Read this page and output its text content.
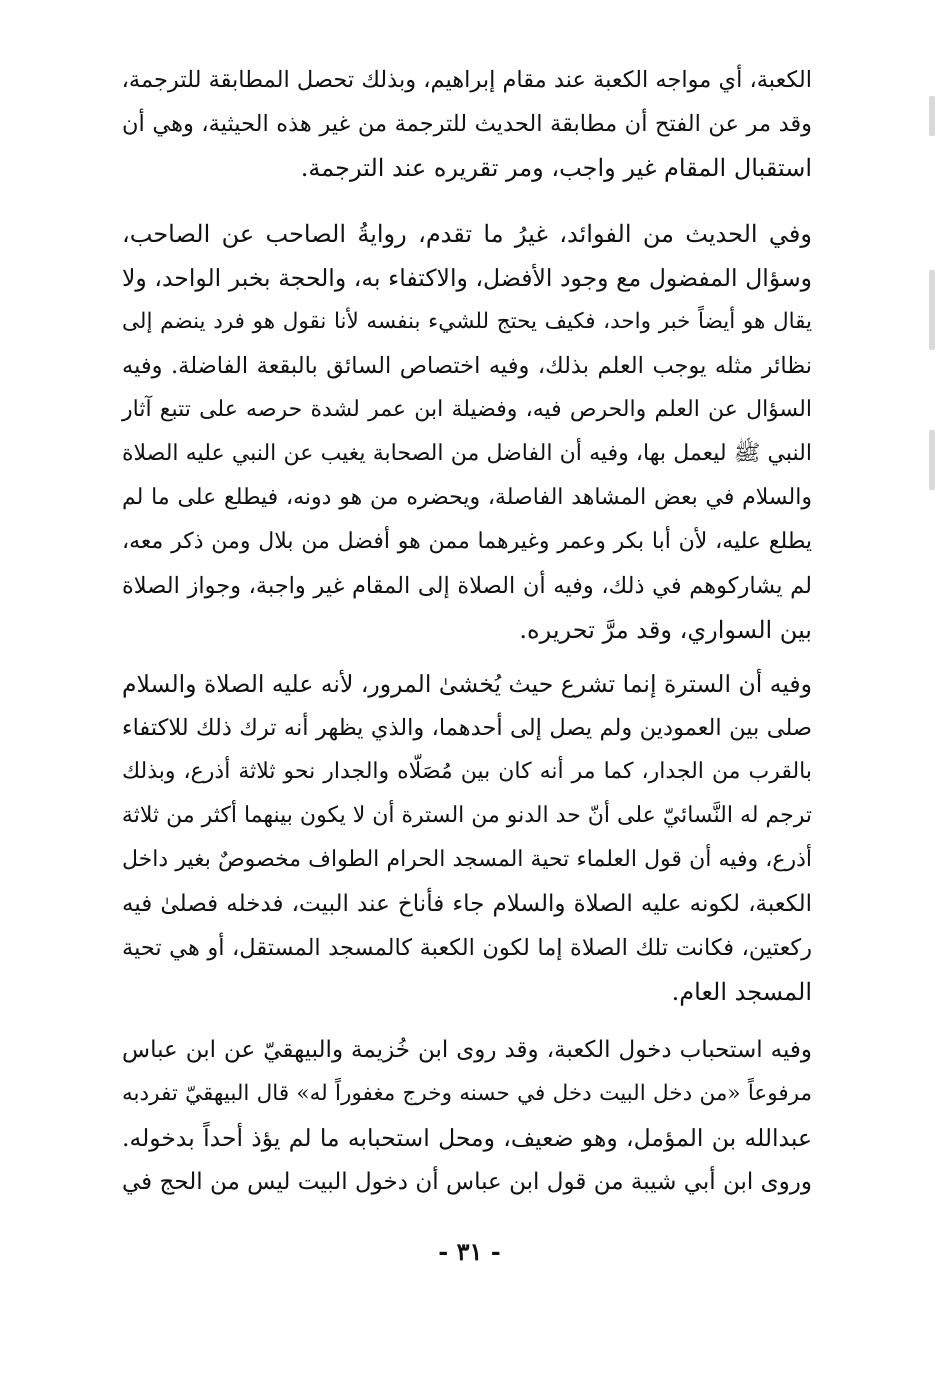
الكعبة، أي مواجه الكعبة عند مقام إبراهيم، وبذلك تحصل المطابقة للترجمة،
وقد مر عن الفتح أن مطابقة الحديث للترجمة من غير هذه الحيثية، وهي أن
استقبال المقام غير واجب، ومر تقريره عند الترجمة.
وفي الحديث من الفوائد، غيرُ ما تقدم، روايةُ الصاحب عن الصاحب،
وسؤال المفضول مع وجود الأفضل، والاكتفاء به، والحجة بخبر الواحد، ولا
يقال هو أيضاً خبر واحد، فكيف يحتج للشيء بنفسه لأنا نقول هو فرد ينضم إلى
نظائر مثله يوجب العلم بذلك، وفيه اختصاص السائق بالبقعة الفاضلة. وفيه
السؤال عن العلم والحرص فيه، وفضيلة ابن عمر لشدة حرصه على تتبع آثار
النبي ﷺ ليعمل بها، وفيه أن الفاضل من الصحابة يغيب عن النبي عليه الصلاة
والسلام في بعض المشاهد الفاصلة، ويحضره من هو دونه، فيطلع على ما لم
يطلع عليه، لأن أبا بكر وعمر وغيرهما ممن هو أفضل من بلال ومن ذكر معه،
لم يشاركوهم في ذلك، وفيه أن الصلاة إلى المقام غير واجبة، وجواز الصلاة
بين السواري، وقد مرَّ تحريره.
وفيه أن السترة إنما تشرع حيث يُخشىٰ المرور، لأنه عليه الصلاة والسلام
صلى بين العمودين ولم يصل إلى أحدهما، والذي يظهر أنه ترك ذلك للاكتفاء
بالقرب من الجدار، كما مر أنه كان بين مُصَلّاه والجدار نحو ثلاثة أذرع، وبذلك
ترجم له النَّسائيّ على أنّ حد الدنو من السترة أن لا يكون بينهما أكثر من ثلاثة
أذرع، وفيه أن قول العلماء تحية المسجد الحرام الطواف مخصوصٌ بغير داخل
الكعبة، لكونه عليه الصلاة والسلام جاء فأناخ عند البيت، فدخله فصلىٰ فيه
ركعتين، فكانت تلك الصلاة إما لكون الكعبة كالمسجد المستقل، أو هي تحية
المسجد العام.
وفيه استحباب دخول الكعبة، وقد روى ابن خُزيمة والبيهقيّ عن ابن عباس
مرفوعاً «من دخل البيت دخل في حسنه وخرج مغفوراً له» قال البيهقيّ تفردبه
عبدالله بن المؤمل، وهو ضعيف، ومحل استحبابه ما لم يؤذ أحداً بدخوله.
وروى ابن أبي شيبة من قول ابن عباس أن دخول البيت ليس من الحج في
- ٣١ -
